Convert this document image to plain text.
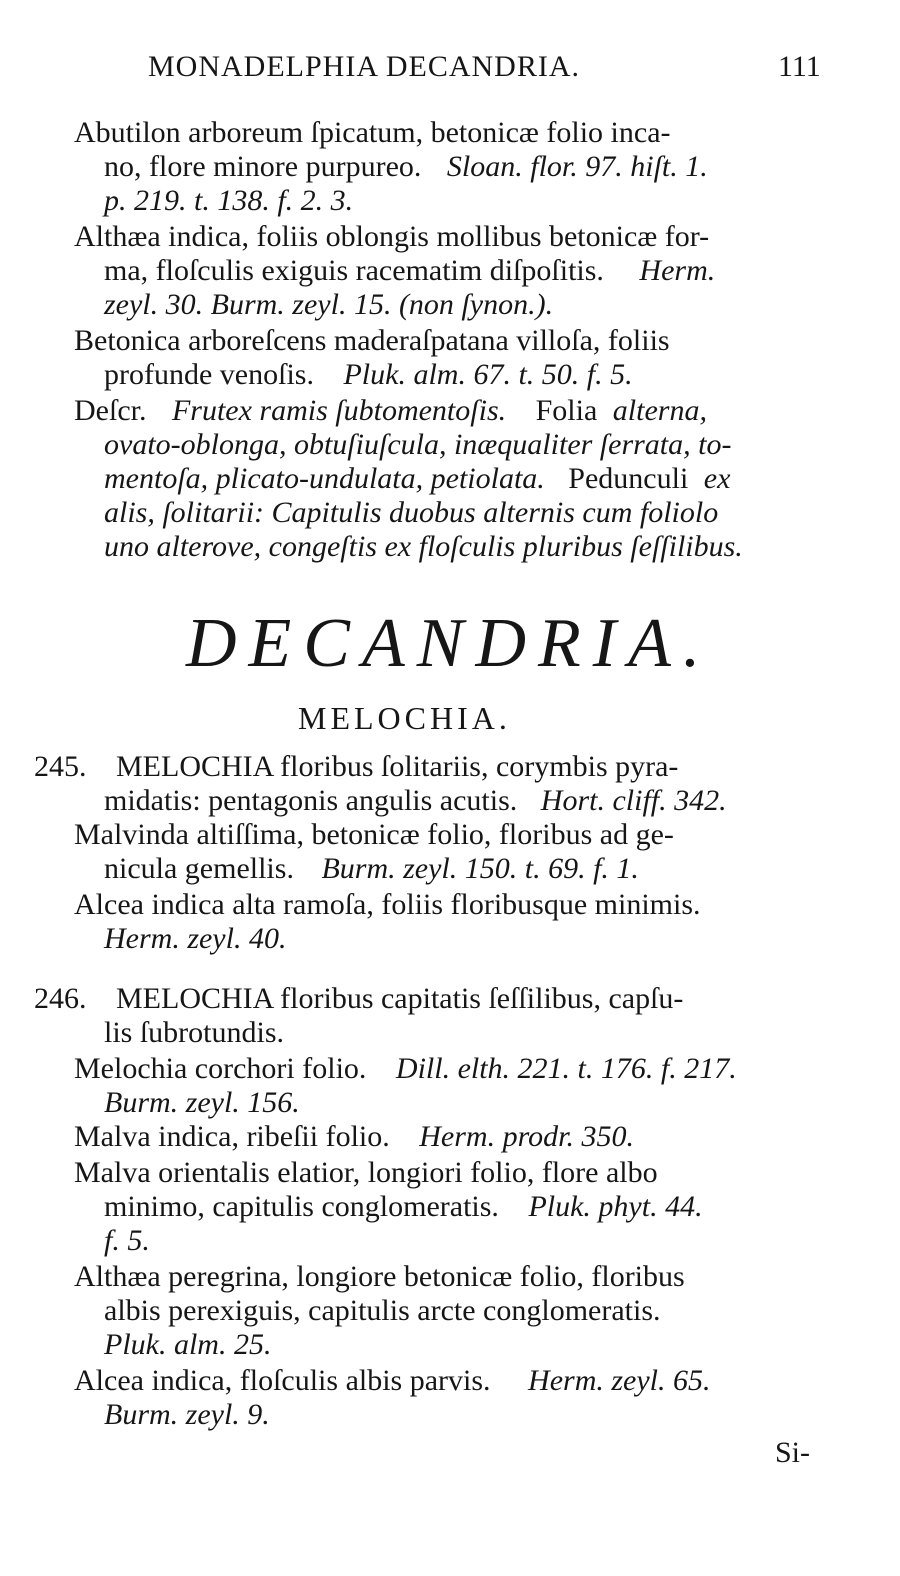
MONADELPHIA DECANDRIA.	111
Abutilon arboreum ſpicatum, betonicæ folio inca-
no, flore minore purpureo. Sloan. flor. 97. hiſt. 1.
p. 219. t. 138. f. 2. 3.
Althæa indica, foliis oblongis mollibus betonicæ for-
ma, floſculis exiguis racematim diſpoſitis. Herm.
zeyl. 30. Burm. zeyl. 15. (non ſynon.).
Betonica arboreſcens maderaſpatana villoſa, foliis
profunde venoſis. Pluk. alm. 67. t. 50. f. 5.
Deſcr. Frutex ramis ſubtomentoſis. Folia alterna,
ovato-oblonga, obtuſiuſcula, inæqualiter ſerrata, to-
mentoſa, plicato-undulata, petiolata. Pedunculi ex
alis, ſolitarii: Capitulis duobus alternis cum foliolo
uno alterove, congeſtis ex floſculis pluribus ſeſſilibus.
DECANDRIA.
MELOCHIA.
245. MELOCHIA floribus ſolitariis, corymbis pyra-
midatis: pentagonis angulis acutis. Hort. cliff. 342.
Malvinda altiſſima, betonicæ folio, floribus ad ge-
nicula gemellis. Burm. zeyl. 150. t. 69. f. 1.
Alcea indica alta ramoſa, foliis floribusque minimis.
Herm. zeyl. 40.
246. MELOCHIA floribus capitatis ſeſſilibus, capſu-
lis ſubrotundis.
Melochia corchori folio. Dill. elth. 221. t. 176. f. 217.
Burm. zeyl. 156.
Malva indica, ribeſii folio. Herm. prodr. 350.
Malva orientalis elatior, longiori folio, flore albo
minimo, capitulis conglomeratis. Pluk. phyt. 44.
f. 5.
Althæa peregrina, longiore betonicæ folio, floribus
albis perexiguis, capitulis arcte conglomeratis.
Pluk. alm. 25.
Alcea indica, floſculis albis parvis. Herm. zeyl. 65.
Burm. zeyl. 9.
Si-
